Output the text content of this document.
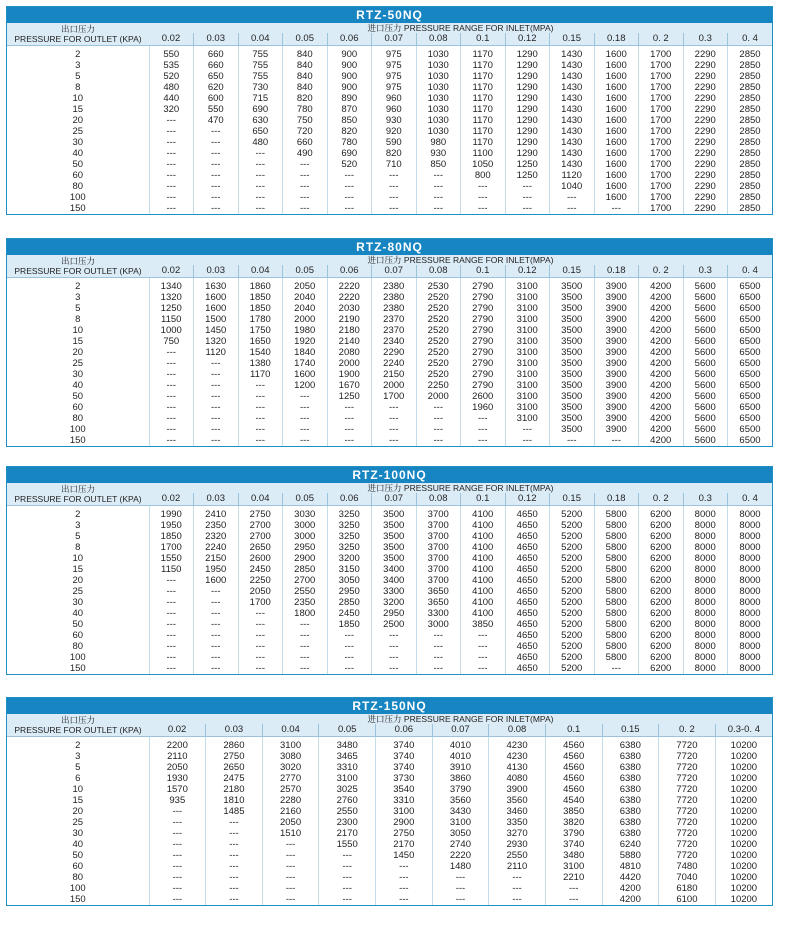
RTZ-50NQ
出口压力
PRESSURE FOR OUTLET (KPA)	进口压力 PRESSURE RANGE FOR INLET(MPA)													
	0.02	0.03	0.04	0.05	0.06	0.07	0.08	0.1	0.12	0.15	0.18	0. 2	0.3	0. 4
2	550	660	755	840	900	975	1030	1170	1290	1430	1600	1700	2290	2850
3	535	660	755	840	900	975	1030	1170	1290	1430	1600	1700	2290	2850
5	520	650	755	840	900	975	1030	1170	1290	1430	1600	1700	2290	2850
8	480	620	730	840	900	975	1030	1170	1290	1430	1600	1700	2290	2850
10	440	600	715	820	890	960	1030	1170	1290	1430	1600	1700	2290	2850
15	320	550	690	780	870	960	1030	1170	1290	1430	1600	1700	2290	2850
20	---	470	630	750	850	930	1030	1170	1290	1430	1600	1700	2290	2850
25	---	---	650	720	820	920	1030	1170	1290	1430	1600	1700	2290	2850
30	---	---	480	660	780	590	980	1170	1290	1430	1600	1700	2290	2850
40	---	---	---	490	690	820	930	1100	1290	1430	1600	1700	2290	2850
50	---	---	---	---	520	710	850	1050	1250	1430	1600	1700	2290	2850
60	---	---	---	---	---	---	---	800	1250	1120	1600	1700	2290	2850
80	---	---	---	---	---	---	---	---	---	1040	1600	1700	2290	2850
100	---	---	---	---	---	---	---	---	---	---	1600	1700	2290	2850
150	---	---	---	---	---	---	---	---	---	---	---	1700	2290	2850
RTZ-80NQ
出口压力
PRESSURE FOR OUTLET (KPA)	进口压力 PRESSURE RANGE FOR INLET(MPA)													
	0.02	0.03	0.04	0.05	0.06	0.07	0.08	0.1	0.12	0.15	0.18	0. 2	0.3	0. 4
2	1340	1630	1860	2050	2220	2380	2530	2790	3100	3500	3900	4200	5600	6500
3	1320	1600	1850	2040	2220	2380	2520	2790	3100	3500	3900	4200	5600	6500
5	1250	1600	1850	2040	2030	2380	2520	2790	3100	3500	3900	4200	5600	6500
8	1150	1500	1780	2000	2190	2370	2520	2790	3100	3500	3900	4200	5600	6500
10	1000	1450	1750	1980	2180	2370	2520	2790	3100	3500	3900	4200	5600	6500
15	750	1320	1650	1920	2140	2340	2520	2790	3100	3500	3900	4200	5600	6500
20	---	1120	1540	1840	2080	2290	2520	2790	3100	3500	3900	4200	5600	6500
25	---	---	1380	1740	2000	2240	2520	2790	3100	3500	3900	4200	5600	6500
30	---	---	1170	1600	1900	2150	2520	2790	3100	3500	3900	4200	5600	6500
40	---	---	---	1200	1670	2000	2250	2790	3100	3500	3900	4200	5600	6500
50	---	---	---	---	1250	1700	2000	2600	3100	3500	3900	4200	5600	6500
60	---	---	---	---	---	---	---	1960	3100	3500	3900	4200	5600	6500
80	---	---	---	---	---	---	---	---	3100	3500	3900	4200	5600	6500
100	---	---	---	---	---	---	---	---	---	3500	3900	4200	5600	6500
150	---	---	---	---	---	---	---	---	---	---	---	4200	5600	6500
RTZ-100NQ
出口压力
PRESSURE FOR OUTLET (KPA)	进口压力 PRESSURE RANGE FOR INLET(MPA)													
	0.02	0.03	0.04	0.05	0.06	0.07	0.08	0.1	0.12	0.15	0.18	0. 2	0.3	0. 4
2	1990	2410	2750	3030	3250	3500	3700	4100	4650	5200	5800	6200	8000	8000
3	1950	2350	2700	3000	3250	3500	3700	4100	4650	5200	5800	6200	8000	8000
5	1850	2320	2700	3000	3250	3500	3700	4100	4650	5200	5800	6200	8000	8000
8	1700	2240	2650	2950	3250	3500	3700	4100	4650	5200	5800	6200	8000	8000
10	1550	2150	2600	2900	3200	3500	3700	4100	4650	5200	5800	6200	8000	8000
15	1150	1950	2450	2850	3150	3400	3700	4100	4650	5200	5800	6200	8000	8000
20	---	1600	2250	2700	3050	3400	3700	4100	4650	5200	5800	6200	8000	8000
25	---	---	2050	2550	2950	3300	3650	4100	4650	5200	5800	6200	8000	8000
30	---	---	1700	2350	2850	3200	3650	4100	4650	5200	5800	6200	8000	8000
40	---	---	---	1800	2450	2950	3300	4100	4650	5200	5800	6200	8000	8000
50	---	---	---	---	1850	2500	3000	3850	4650	5200	5800	6200	8000	8000
60	---	---	---	---	---	---	---	---	4650	5200	5800	6200	8000	8000
80	---	---	---	---	---	---	---	---	4650	5200	5800	6200	8000	8000
100	---	---	---	---	---	---	---	---	4650	5200	5800	6200	8000	8000
150	---	---	---	---	---	---	---	---	4650	5200	---	6200	8000	8000
RTZ-150NQ
出口压力
PRESSURE FOR OUTLET (KPA)	进口压力 PRESSURE RANGE FOR INLET(MPA)										
	0.02	0.03	0.04	0.05	0.06	0.07	0.08	0.1	0.15	0. 2	0.3-0. 4
2	2200	2860	3100	3480	3740	4010	4230	4560	6380	7720	10200
3	2110	2750	3080	3465	3740	4010	4230	4560	6380	7720	10200
5	2050	2650	3020	3310	3740	3910	4130	4560	6380	7720	10200
6	1930	2475	2770	3100	3730	3860	4080	4560	6380	7720	10200
10	1570	2180	2570	3025	3540	3790	3900	4560	6380	7720	10200
15	935	1810	2280	2760	3310	3560	3560	4540	6380	7720	10200
20	---	1485	2160	2550	3100	3430	3460	3850	6380	7720	10200
25	---	---	2050	2300	2900	3100	3350	3820	6380	7720	10200
30	---	---	1510	2170	2750	3050	3270	3790	6380	7720	10200
40	---	---	---	1550	2170	2740	2930	3740	6240	7720	10200
50	---	---	---	---	1450	2220	2550	3480	5880	7720	10200
60	---	---	---	---	---	1480	2110	3100	4810	7480	10200
80	---	---	---	---	---	---	---	2210	4420	7040	10200
100	---	---	---	---	---	---	---	---	4200	6180	10200
150	---	---	---	---	---	---	---	---	4200	6100	10200
